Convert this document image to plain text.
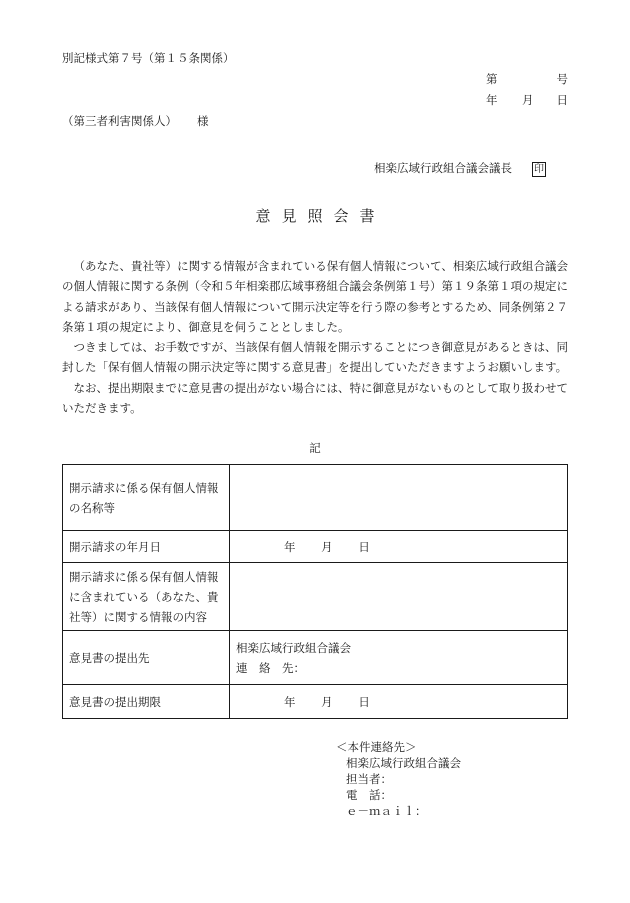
別記様式第７号（第１５条関係）
第	号
年 月 日
（第三者利害関係人） 様
相楽広域行政組合議会議長 印
意見照会書

（あなた、貴社等）に関する情報が含まれている保有個人情報について、相楽広域行政組合議会の個人情報に関する条例（令和５年相楽郡広域事務組合議会条例第１号）第１９条第１項の規定による請求があり、当該保有個人情報について開示決定等を行う際の参考とするため、同条例第２７条第１項の規定により、御意見を伺うこととしました。

つきましては、お手数ですが、当該保有個人情報を開示することにつき御意見があるときは、同封した「保有個人情報の開示決定等に関する意見書」を提出していただきますようお願いします。

なお、提出期限までに意見書の提出がない場合には、特に御意見がないものとして取り扱わせていただきます。

記
開示請求に係る保有個人情報の名称等	
開示請求の年月日	年 月 日
開示請求に係る保有個人情報に含まれている（あなた、貴社等）に関する情報の内容	
意見書の提出先	相楽広域行政組合議会
連　絡　先：

意見書の提出期限	年 月 日
＜本件連絡先＞
相楽広域行政組合議会
担当者：
電　話：
ｅ－ｍａｉｌ：
